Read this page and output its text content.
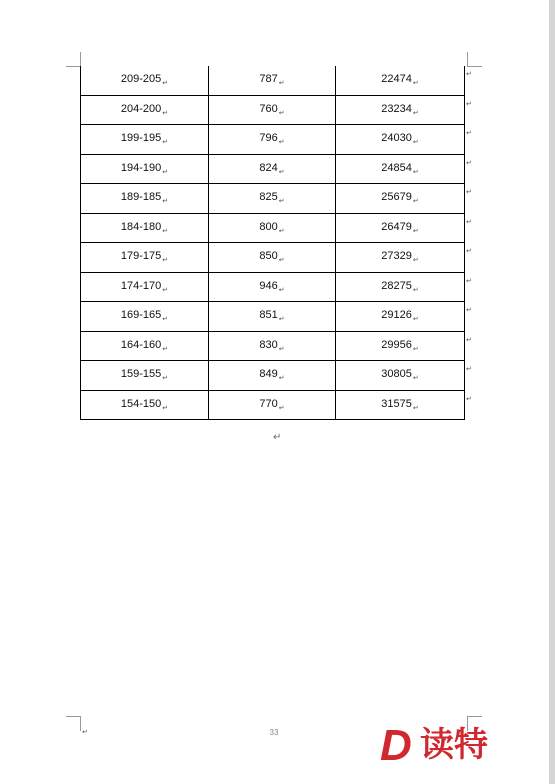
$209-205_↵$	$787_↵$	$22474_↵$
$204-200_↵$	$760_↵$	$23234_↵$
$199-195_↵$	$796_↵$	$24030_↵$
$194-190_↵$	$824_↵$	$24854_↵$
$189-185_↵$	$825_↵$	$25679_↵$
$184-180_↵$	$800_↵$	$26479_↵$
$179-175_↵$	$850_↵$	$27329_↵$
$174-170_↵$	$946_↵$	$28275_↵$
$169-165_↵$	$851_↵$	$29126_↵$
$164-160_↵$	$830_↵$	$29956_↵$
$159-155_↵$	$849_↵$	$30805_↵$
$154-150_↵$	$770_↵$	$31575_↵$
↵
↵
↵
↵
↵
↵
↵
↵
↵
↵
↵
↵
↵
↵	33 D 读特
